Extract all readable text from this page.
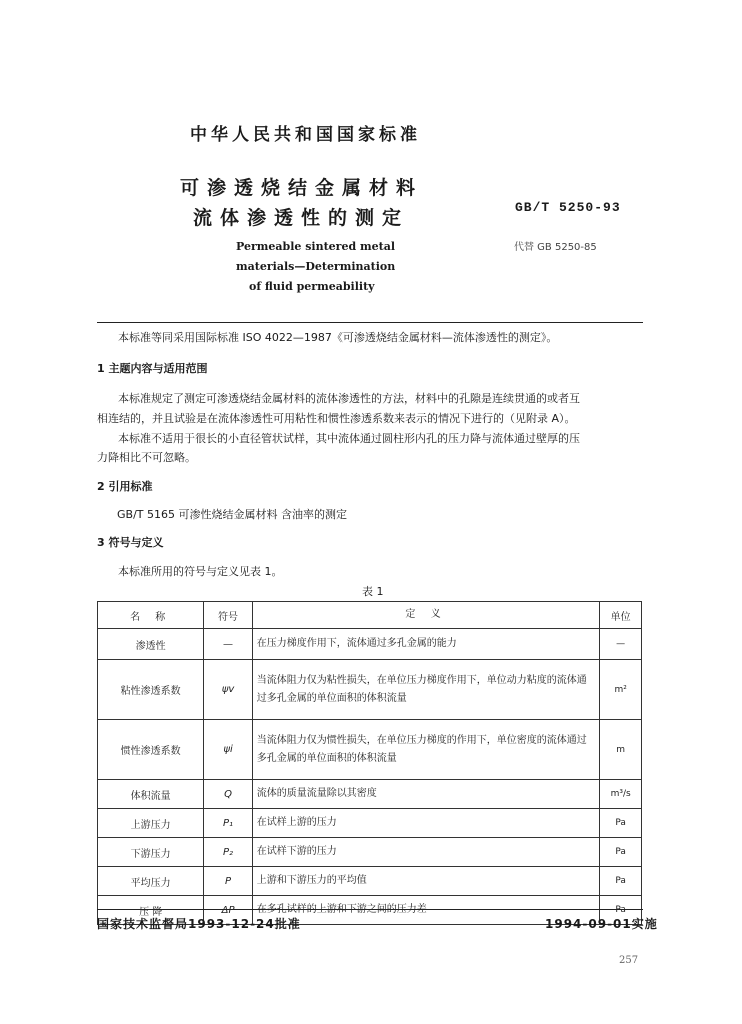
中华人民共和国国家标准
可渗透烧结金属材料
流体渗透性的测定	GB/T 5250-93
代替 GB 5250-85
Permeable sintered metal
materials—Determination
of fluid permeability
本标准等同采用国际标准 ISO 4022—1987《可渗透烧结金属材料—流体渗透性的测定》。
1 主题内容与适用范围
本标准规定了测定可渗透烧结金属材料的流体渗透性的方法，材料中的孔隙是连续贯通的或者互
相连结的，并且试验是在流体渗透性可用粘性和惯性渗透系数来表示的情况下进行的（见附录 A）。
本标准不适用于很长的小直径管状试样，其中流体通过圆柱形内孔的压力降与流体通过壁厚的压
力降相比不可忽略。
2 引用标准
GB/T 5165 可渗性烧结金属材料 含油率的测定
3 符号与定义
本标准所用的符号与定义见表 1。
表 1
名 称	符号	定 义	单位
渗透性	—	在压力梯度作用下，流体通过多孔金属的能力	—
粘性渗透系数	ψv	当流体阻力仅为粘性损失，在单位压力梯度作用下，单位动力粘度的流体通过多孔金属的单位面积的体积流量	m²
惯性渗透系数	ψi	当流体阻力仅为惯性损失，在单位压力梯度的作用下，单位密度的流体通过多孔金属的单位面积的体积流量	m
体积流量	Q	流体的质量流量除以其密度	m³/s
上游压力	P₁	在试样上游的压力	Pa
下游压力	P₂	在试样下游的压力	Pa
平均压力	P	上游和下游压力的平均值	Pa
压 降	ΔP	在多孔试样的上游和下游之间的压力差	Pa
国家技术监督局1993-12-24批准	1994-09-01实施
257
